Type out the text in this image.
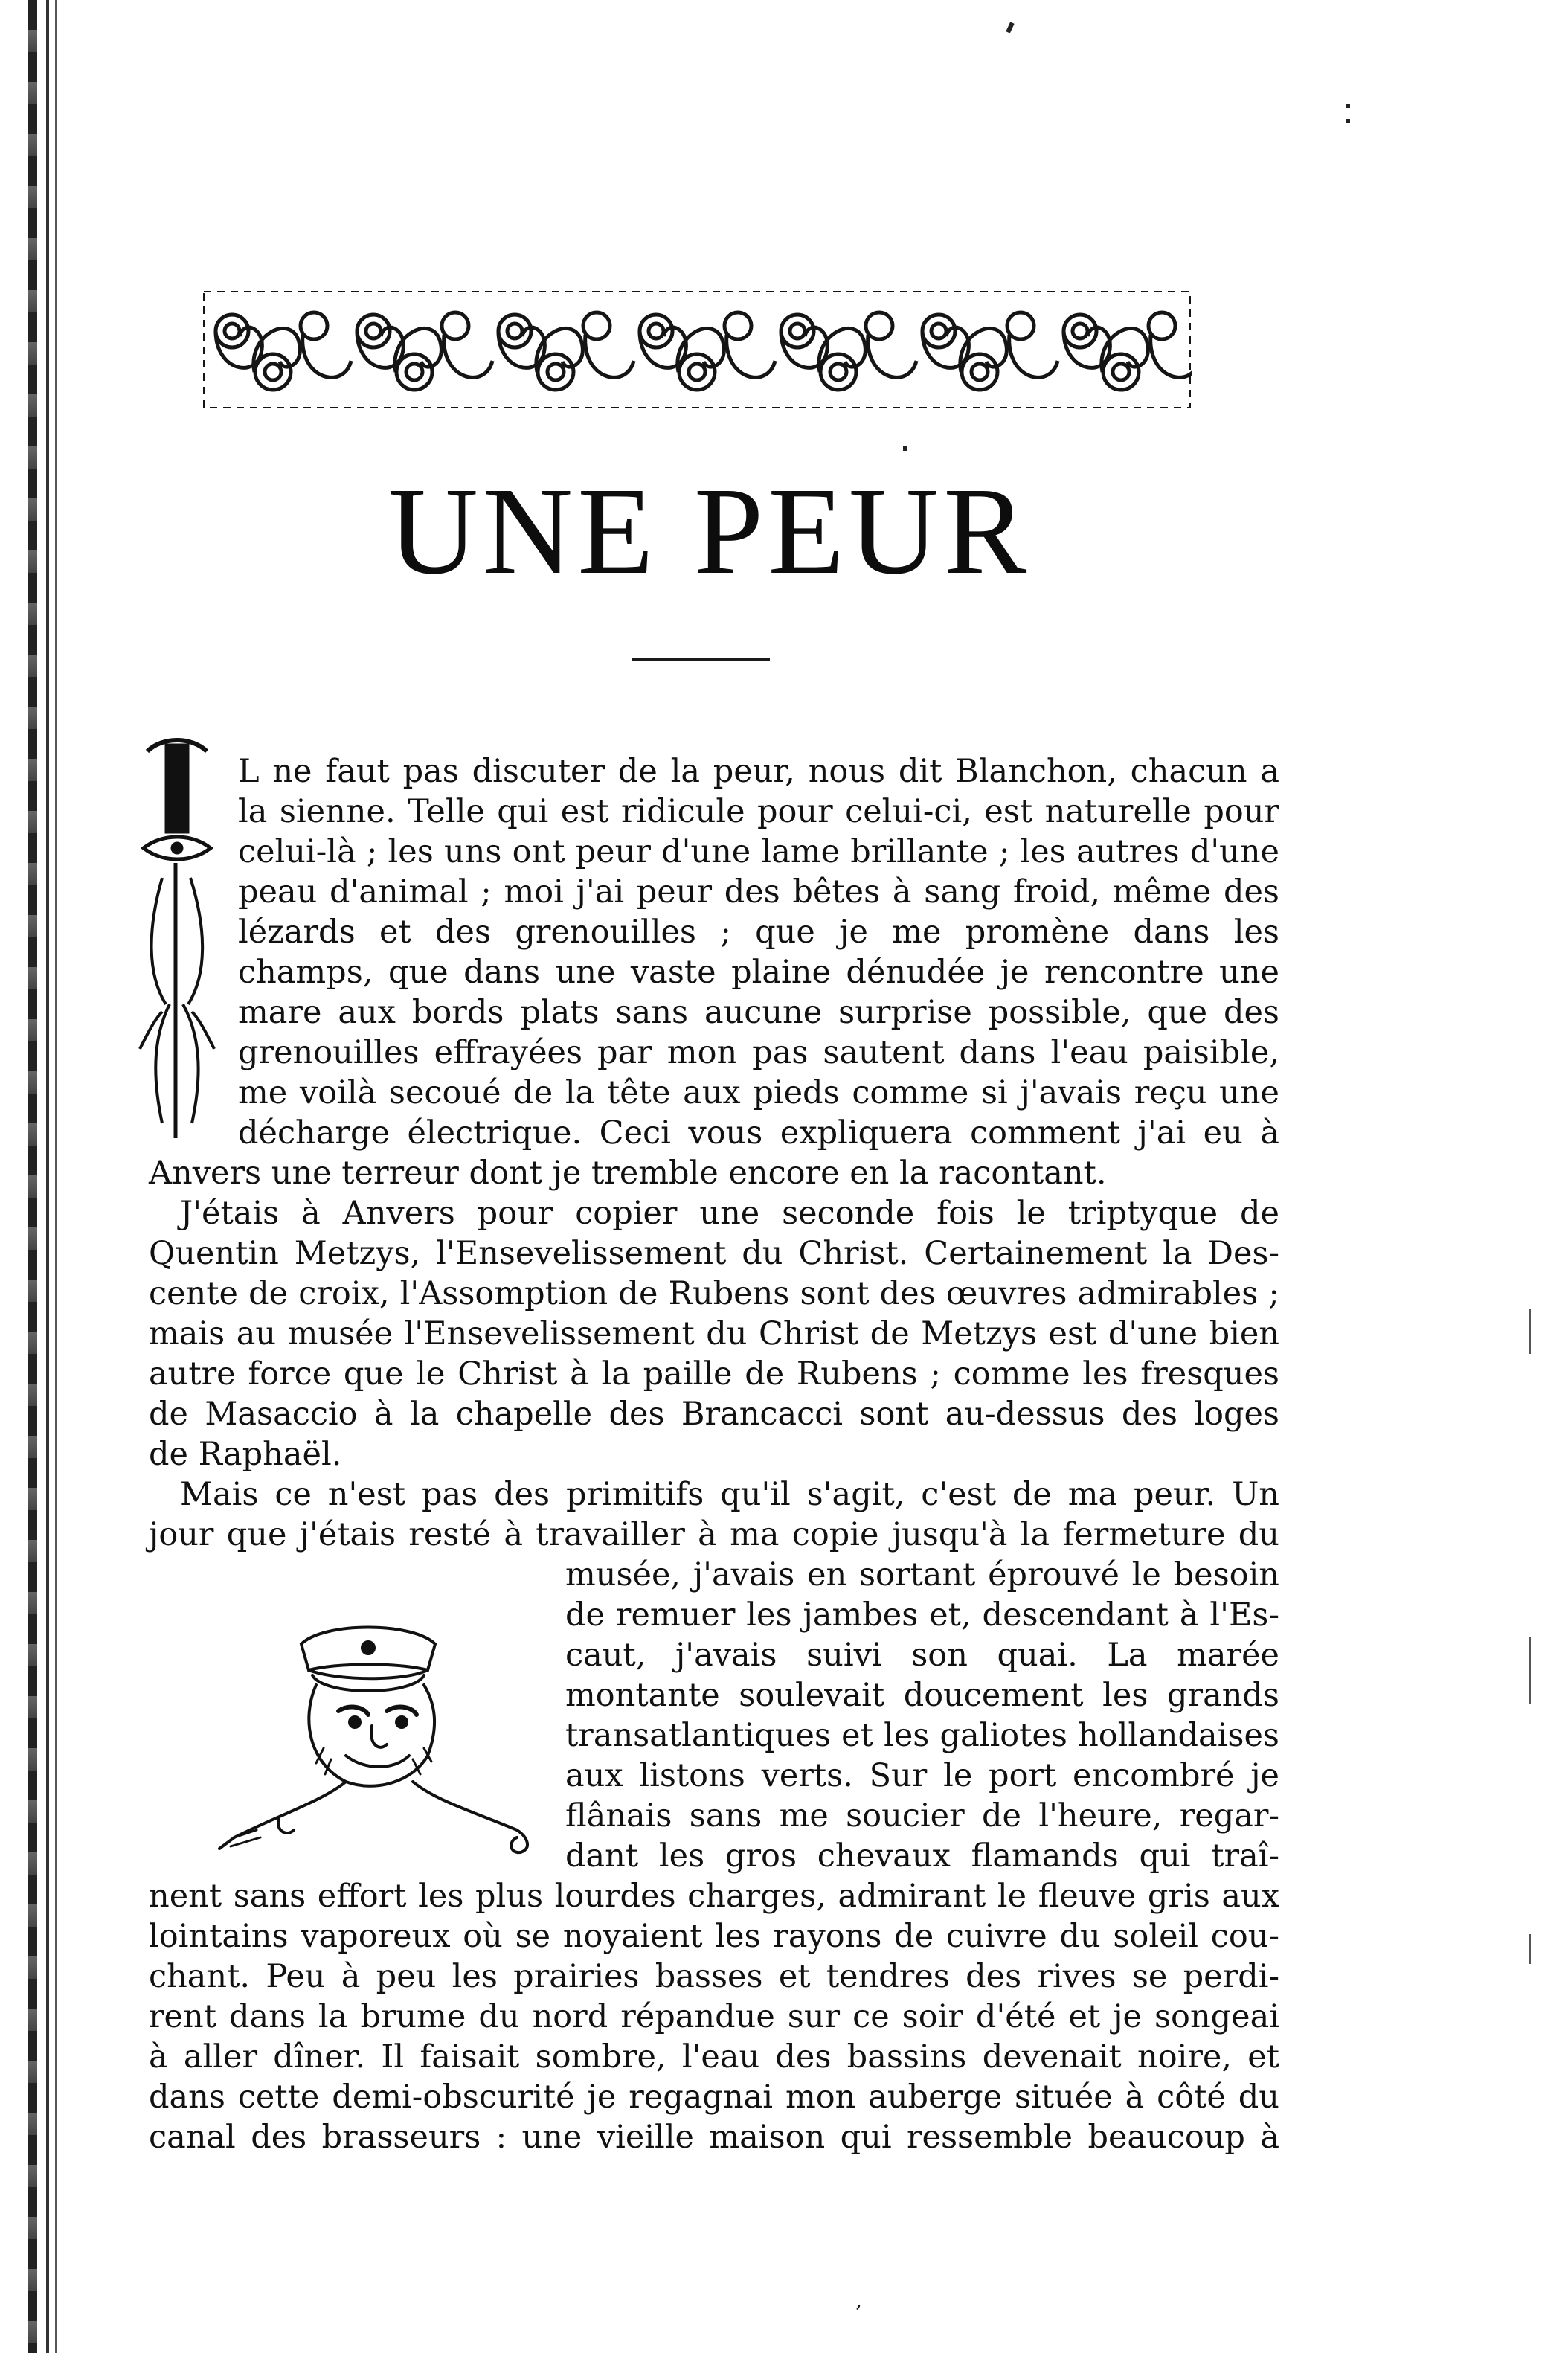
UNE PEUR
I
L ne faut pas discuter de la peur, nous dit Blanchon, chacun a
la sienne. Telle qui est ridicule pour celui-ci, est naturelle pour
celui-là ; les uns ont peur d'une lame brillante ; les autres d'une
peau d'animal ; moi j'ai peur des bêtes à sang froid, même des
lézards et des grenouilles ; que je me promène dans les
champs, que dans une vaste plaine dénudée je rencontre une
mare aux bords plats sans aucune surprise possible, que des
grenouilles effrayées par mon pas sautent dans l'eau paisible,
me voilà secoué de la tête aux pieds comme si j'avais reçu une
décharge électrique. Ceci vous expliquera comment j'ai eu à
Anvers une terreur dont je tremble encore en la racontant.
J'étais à Anvers pour copier une seconde fois le triptyque de
Quentin Metzys, l'Ensevelissement du Christ. Certainement la Des-
cente de croix, l'Assomption de Rubens sont des œuvres admirables ;
mais au musée l'Ensevelissement du Christ de Metzys est d'une bien
autre force que le Christ à la paille de Rubens ; comme les fresques
de Masaccio à la chapelle des Brancacci sont au-dessus des loges
de Raphaël.
Mais ce n'est pas des primitifs qu'il s'agit, c'est de ma peur. Un
jour que j'étais resté à travailler à ma copie jusqu'à la fermeture du
musée, j'avais en sortant éprouvé le besoin
de remuer les jambes et, descendant à l'Es-
caut, j'avais suivi son quai. La marée
montante soulevait doucement les grands
transatlantiques et les galiotes hollandaises
aux listons verts. Sur le port encombré je
flânais sans me soucier de l'heure, regar-
dant les gros chevaux flamands qui traî-
nent sans effort les plus lourdes charges, admirant le fleuve gris aux
lointains vaporeux où se noyaient les rayons de cuivre du soleil cou-
chant. Peu à peu les prairies basses et tendres des rives se perdi-
rent dans la brume du nord répandue sur ce soir d'été et je songeai
à aller dîner. Il faisait sombre, l'eau des bassins devenait noire, et
dans cette demi-obscurité je regagnai mon auberge située à côté du
canal des brasseurs : une vieille maison qui ressemble beaucoup à
‚
